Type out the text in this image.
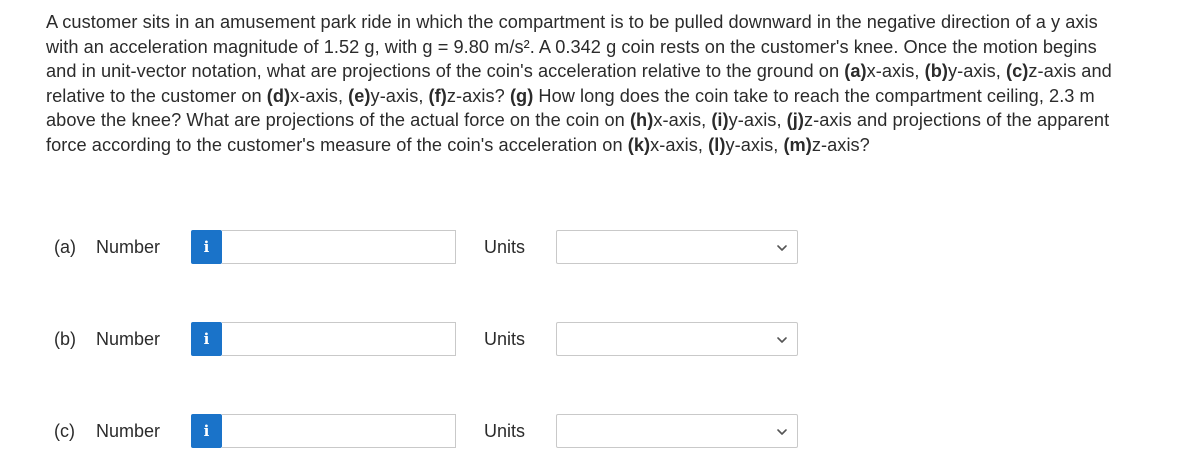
A customer sits in an amusement park ride in which the compartment is to be pulled downward in the negative direction of a y axis

with an acceleration magnitude of 1.52 g, with g = 9.80 m/s². A 0.342 g coin rests on the customer's knee. Once the motion begins

and in unit-vector notation, what are projections of the coin's acceleration relative to the ground on (a)x-axis, (b)y-axis, (c)z-axis and

relative to the customer on (d)x-axis, (e)y-axis, (f)z-axis? (g) How long does the coin take to reach the compartment ceiling, 2.3 m

above the knee? What are projections of the actual force on the coin on (h)x-axis, (i)y-axis, (j)z-axis and projections of the apparent

force according to the customer's measure of the coin's acceleration on (k)x-axis, (l)y-axis, (m)z-axis?

(a) Number	i	Units
(b) Number	i	Units
(c) Number	i	Units
